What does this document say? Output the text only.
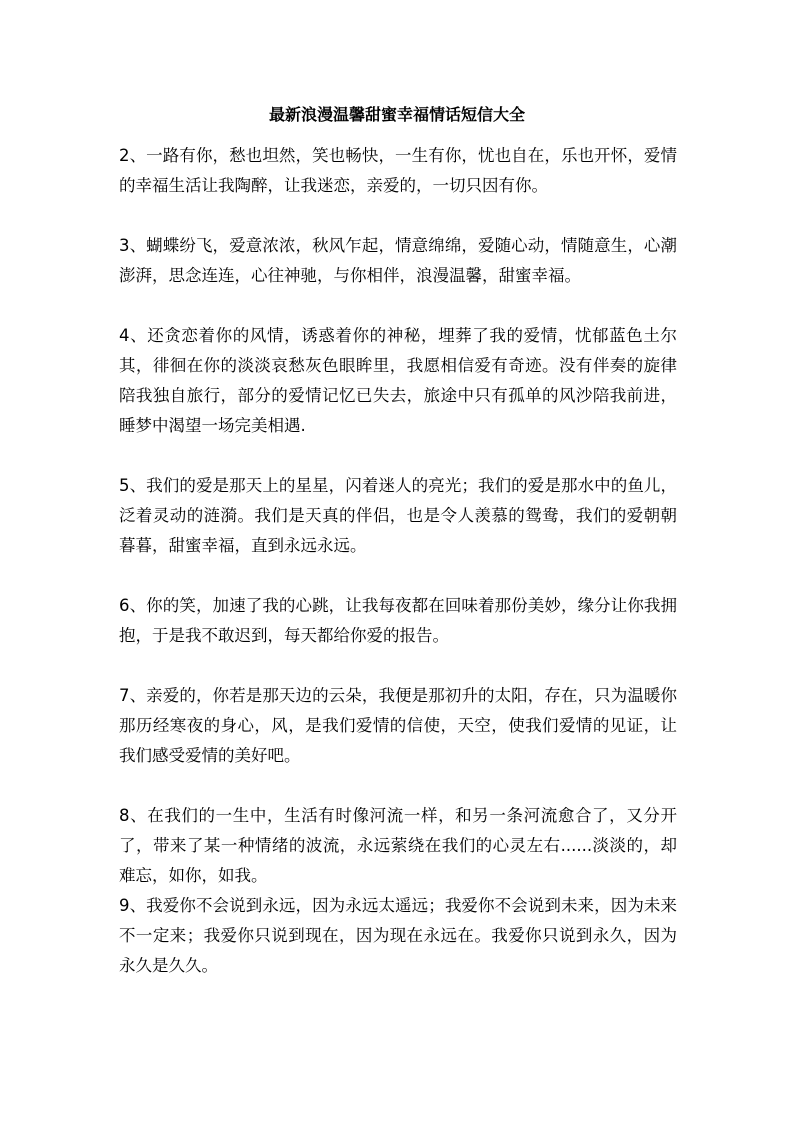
最新浪漫温馨甜蜜幸福情话短信大全

2、一路有你，愁也坦然，笑也畅快，一生有你，忧也自在，乐也开怀，爱情的幸福生活让我陶醉，让我迷恋，亲爱的，一切只因有你。

3、蝴蝶纷飞，爱意浓浓，秋风乍起，情意绵绵，爱随心动，情随意生，心潮澎湃，思念连连，心往神驰，与你相伴，浪漫温馨，甜蜜幸福。

4、还贪恋着你的风情，诱惑着你的神秘，埋葬了我的爱情，忧郁蓝色土尔其，徘徊在你的淡淡哀愁灰色眼眸里，我愿相信爱有奇迹。没有伴奏的旋律陪我独自旅行，部分的爱情记忆已失去，旅途中只有孤单的风沙陪我前进，睡梦中渴望一场完美相遇.

5、我们的爱是那天上的星星，闪着迷人的亮光；我们的爱是那水中的鱼儿，泛着灵动的涟漪。我们是天真的伴侣，也是令人羡慕的鸳鸯，我们的爱朝朝暮暮，甜蜜幸福，直到永远永远。

6、你的笑，加速了我的心跳，让我每夜都在回味着那份美妙，缘分让你我拥抱，于是我不敢迟到，每天都给你爱的报告。

7、亲爱的，你若是那天边的云朵，我便是那初升的太阳，存在，只为温暖你那历经寒夜的身心，风，是我们爱情的信使，天空，使我们爱情的见证，让我们感受爱情的美好吧。

8、在我们的一生中，生活有时像河流一样，和另一条河流愈合了，又分开了，带来了某一种情绪的波流，永远萦绕在我们的心灵左右......淡淡的，却难忘，如你，如我。

9、我爱你不会说到永远，因为永远太遥远；我爱你不会说到未来，因为未来不一定来；我爱你只说到现在，因为现在永远在。我爱你只说到永久，因为永久是久久。
